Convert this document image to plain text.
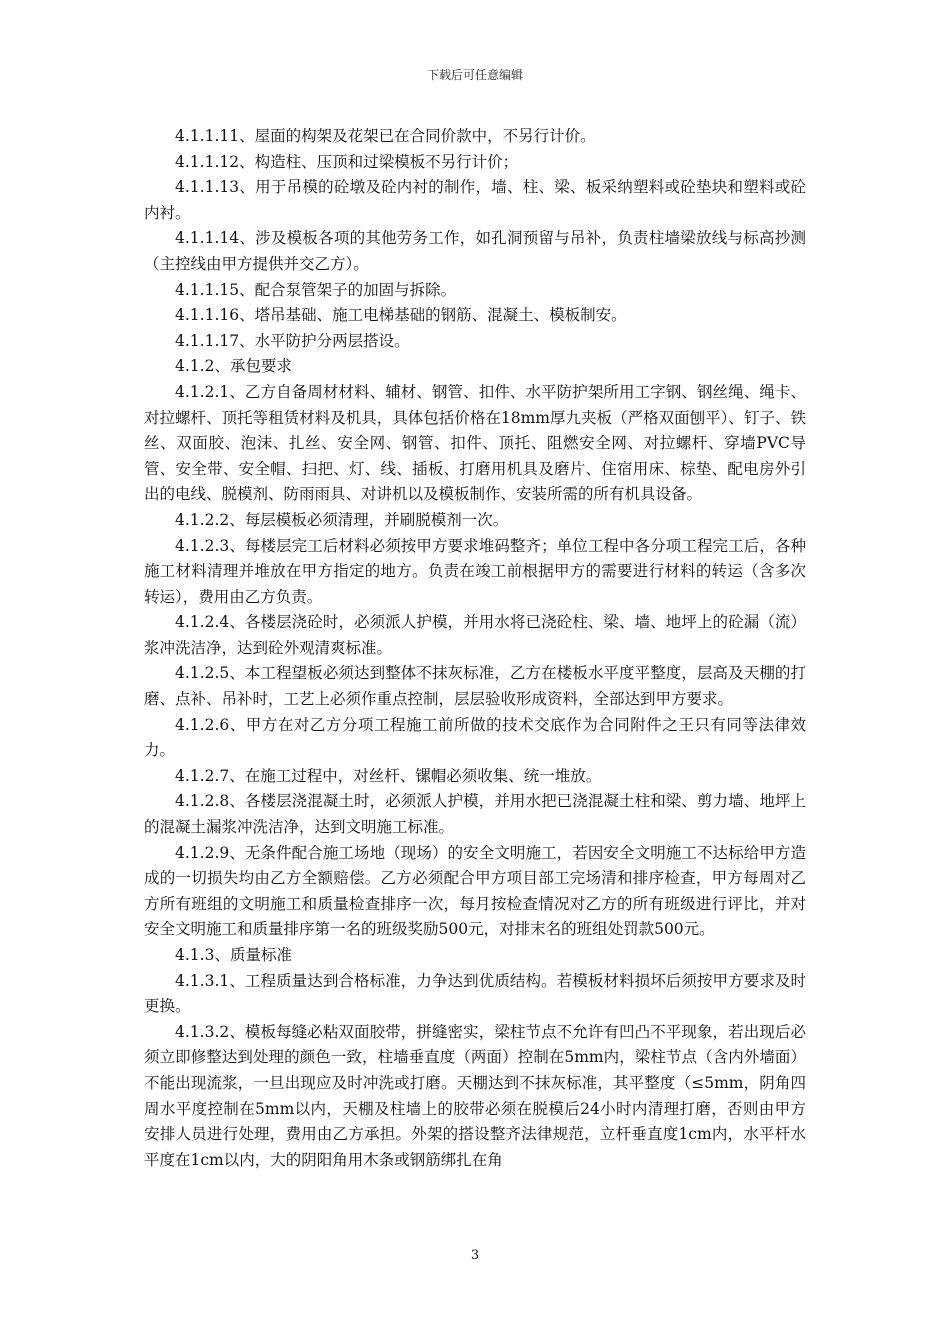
下载后可任意编辑

4.1.1.11、屋面的构架及花架已在合同价款中，不另行计价。

4.1.1.12、构造柱、压顶和过梁模板不另行计价；

4.1.1.13、用于吊模的砼墩及砼内衬的制作，墙、柱、梁、板采纳塑料或砼垫块和塑料或砼内衬。

4.1.1.14、涉及模板各项的其他劳务工作，如孔洞预留与吊补，负责柱墙梁放线与标高抄测（主控线由甲方提供并交乙方）。

4.1.1.15、配合泵管架子的加固与拆除。

4.1.1.16、塔吊基础、施工电梯基础的钢筋、混凝土、模板制安。

4.1.1.17、水平防护分两层搭设。

4.1.2、承包要求

4.1.2.1、乙方自备周材材料、辅材、钢管、扣件、水平防护架所用工字钢、钢丝绳、绳卡、对拉螺杆、顶托等租赁材料及机具，具体包括价格在18mm厚九夹板（严格双面刨平）、钉子、铁丝、双面胶、泡沫、扎丝、安全网、钢管、扣件、顶托、阻燃安全网、对拉螺杆、穿墙PVC导管、安全带、安全帽、扫把、灯、线、插板、打磨用机具及磨片、住宿用床、棕垫、配电房外引出的电线、脱模剂、防雨雨具、对讲机以及模板制作、安装所需的所有机具设备。

4.1.2.2、每层模板必须清理，并刷脱模剂一次。

4.1.2.3、每楼层完工后材料必须按甲方要求堆码整齐；单位工程中各分项工程完工后，各种施工材料清理并堆放在甲方指定的地方。负责在竣工前根据甲方的需要进行材料的转运（含多次转运），费用由乙方负责。

4.1.2.4、各楼层浇砼时，必须派人护模，并用水将已浇砼柱、梁、墙、地坪上的砼漏（流）浆冲洗洁净，达到砼外观清爽标准。

4.1.2.5、本工程望板必须达到整体不抹灰标准，乙方在楼板水平度平整度，层高及天棚的打磨、点补、吊补时，工艺上必须作重点控制，层层验收形成资料，全部达到甲方要求。

4.1.2.6、甲方在对乙方分项工程施工前所做的技术交底作为合同附件之王只有同等法律效力。

4.1.2.7、在施工过程中，对丝杆、镙帽必须收集、统一堆放。

4.1.2.8、各楼层浇混凝土时，必须派人护模，并用水把已浇混凝土柱和梁、剪力墙、地坪上的混凝土漏浆冲洗洁净，达到文明施工标准。

4.1.2.9、无条件配合施工场地（现场）的安全文明施工，若因安全文明施工不达标给甲方造成的一切损失均由乙方全额赔偿。乙方必须配合甲方项目部工完场清和排序检查，甲方每周对乙方所有班组的文明施工和质量检查排序一次，每月按检查情况对乙方的所有班级进行评比，并对安全文明施工和质量排序第一名的班级奖励500元，对排末名的班组处罚款500元。

4.1.3、质量标准

4.1.3.1、工程质量达到合格标准，力争达到优质结构。若模板材料损坏后须按甲方要求及时更换。

4.1.3.2、模板每缝必粘双面胶带，拼缝密实，梁柱节点不允许有凹凸不平现象，若出现后必须立即修整达到处理的颜色一致，柱墙垂直度（两面）控制在5mm内，梁柱节点（含内外墙面）不能出现流浆，一旦出现应及时冲洗或打磨。天棚达到不抹灰标准，其平整度（≤5mm，阴角四周水平度控制在5mm以内，天棚及柱墙上的胶带必须在脱模后24小时内清理打磨，否则由甲方安排人员进行处理，费用由乙方承担。外架的搭设整齐法律规范，立杆垂直度1cm内，水平杆水平度在1cm以内，大的阴阳角用木条或钢筋绑扎在角

3
